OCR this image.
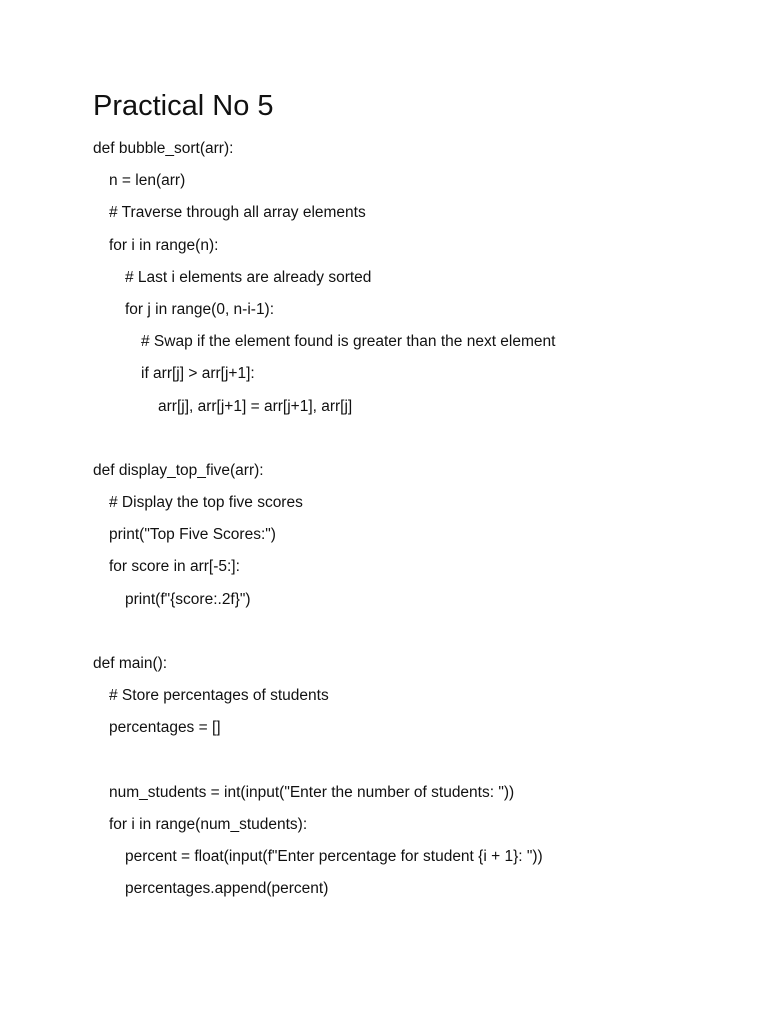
Practical No 5
def bubble_sort(arr):
n = len(arr)
# Traverse through all array elements
for i in range(n):
# Last i elements are already sorted
for j in range(0, n-i-1):
# Swap if the element found is greater than the next element
if arr[j] > arr[j+1]:
arr[j], arr[j+1] = arr[j+1], arr[j]
def display_top_five(arr):
# Display the top five scores
print("Top Five Scores:")
for score in arr[-5:]:
print(f"{score:.2f}")
def main():
# Store percentages of students
percentages = []
num_students = int(input("Enter the number of students: "))
for i in range(num_students):
percent = float(input(f"Enter percentage for student {i + 1}: "))
percentages.append(percent)
